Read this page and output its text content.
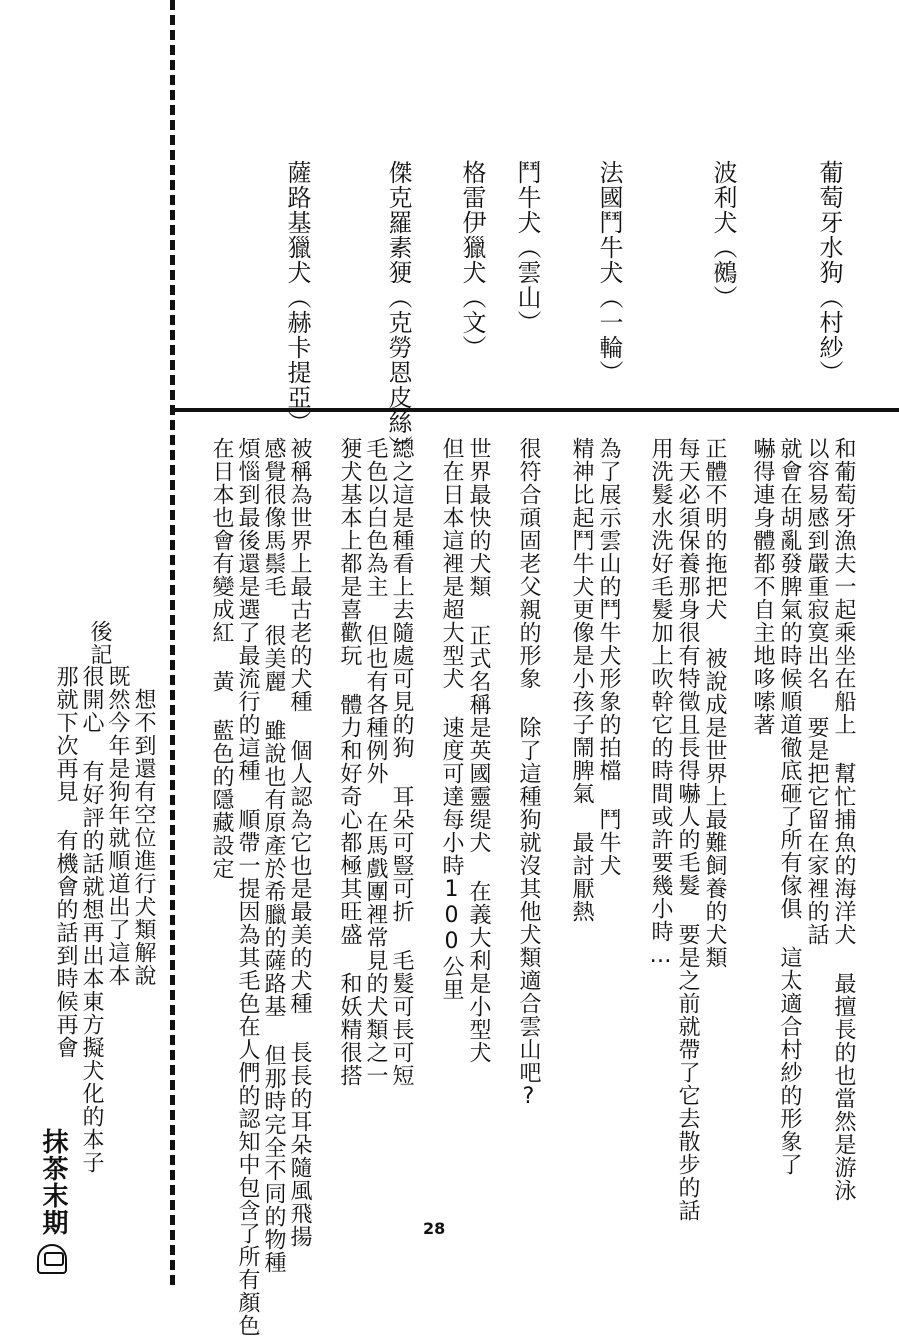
葡萄牙水狗（村紗）
波利犬（鵺）
法國鬥牛犬（一輪）
鬥牛犬（雲山）
格雷伊獵犬（文）
傑克羅素㹴（克勞恩皮絲）
薩路基獵犬（赫卡提亞）
和葡萄牙漁夫一起乘坐在船上 幫忙捕魚的海洋犬 最擅長的也當然是游泳
以容易感到嚴重寂寞出名 要是把它留在家裡的話
就會在胡亂發脾氣的時候順道徹底砸了所有傢俱 這太適合村紗的形象了
嚇得連身體都不自主地哆嗦著
正體不明的拖把犬 被說成是世界上最難飼養的犬類
每天必須保養那身很有特徵且長得嚇人的毛髮 要是之前就帶了它去散步的話
用洗髮水洗好毛髮加上吹幹它的時間或許要幾小時…
為了展示雲山的鬥牛犬形象的拍檔 鬥牛犬
精神比起鬥牛犬更像是小孩子鬧脾氣 最討厭熱
很符合頑固老父親的形象 除了這種狗就沒其他犬類適合雲山吧?
世界最快的犬類 正式名稱是英國靈缇犬 在義大利是小型犬
但在日本這裡是超大型犬 速度可達每小時100公里
總之這是種看上去隨處可見的狗 耳朵可豎可折 毛髮可長可短
毛色以白色為主 但也有各種例外 在馬戲團裡常見的犬類之一
㹴犬基本上都是喜歡玩 體力和好奇心都極其旺盛 和妖精很搭
被稱為世界上最古老的犬種 個人認為它也是最美的犬種 長長的耳朵隨風飛揚
感覺很像馬鬃毛 很美麗 雖說也有原產於希臘的薩路基 但那時完全不同的物種
煩惱到最後還是選了最流行的這種 順帶一提因為其毛色在人們的認知中包含了所有顏色
在日本也會有變成紅 黃 藍色的隱藏設定
後記
想不到還有空位進行犬類解說
既然今年是狗年就順道出了這本
很開心 有好評的話就想再出本東方擬犬化的本子
那就下次再見 有機會的話到時候再會
抹茶末期	28
